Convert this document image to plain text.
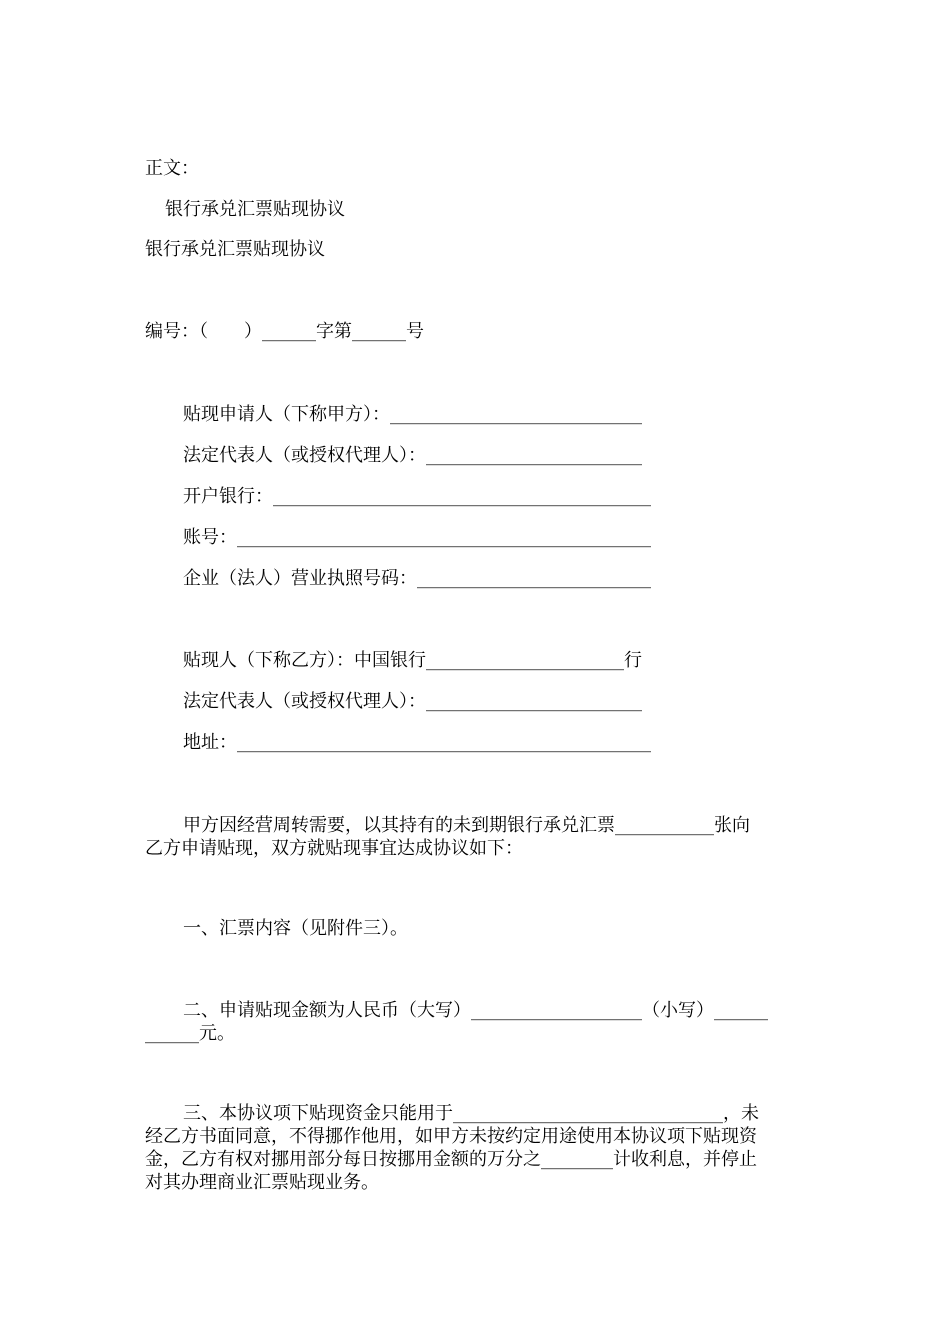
正文：
银行承兑汇票贴现协议
银行承兑汇票贴现协议
编号：（　　）______字第______号
贴现申请人（下称甲方）：____________________________
法定代表人（或授权代理人）：________________________
开户银行：__________________________________________
账号：______________________________________________
企业（法人）营业执照号码：__________________________
贴现人（下称乙方）：中国银行______________________行
法定代表人（或授权代理人）：________________________
地址：______________________________________________
甲方因经营周转需要，以其持有的未到期银行承兑汇票___________张向
乙方申请贴现，双方就贴现事宜达成协议如下：
一、汇票内容（见附件三）。
二、申请贴现金额为人民币（大写）___________________（小写）______
______元。
三、本协议项下贴现资金只能用于______________________________，未
经乙方书面同意，不得挪作他用，如甲方未按约定用途使用本协议项下贴现资
金，乙方有权对挪用部分每日按挪用金额的万分之________计收利息，并停止
对其办理商业汇票贴现业务。
